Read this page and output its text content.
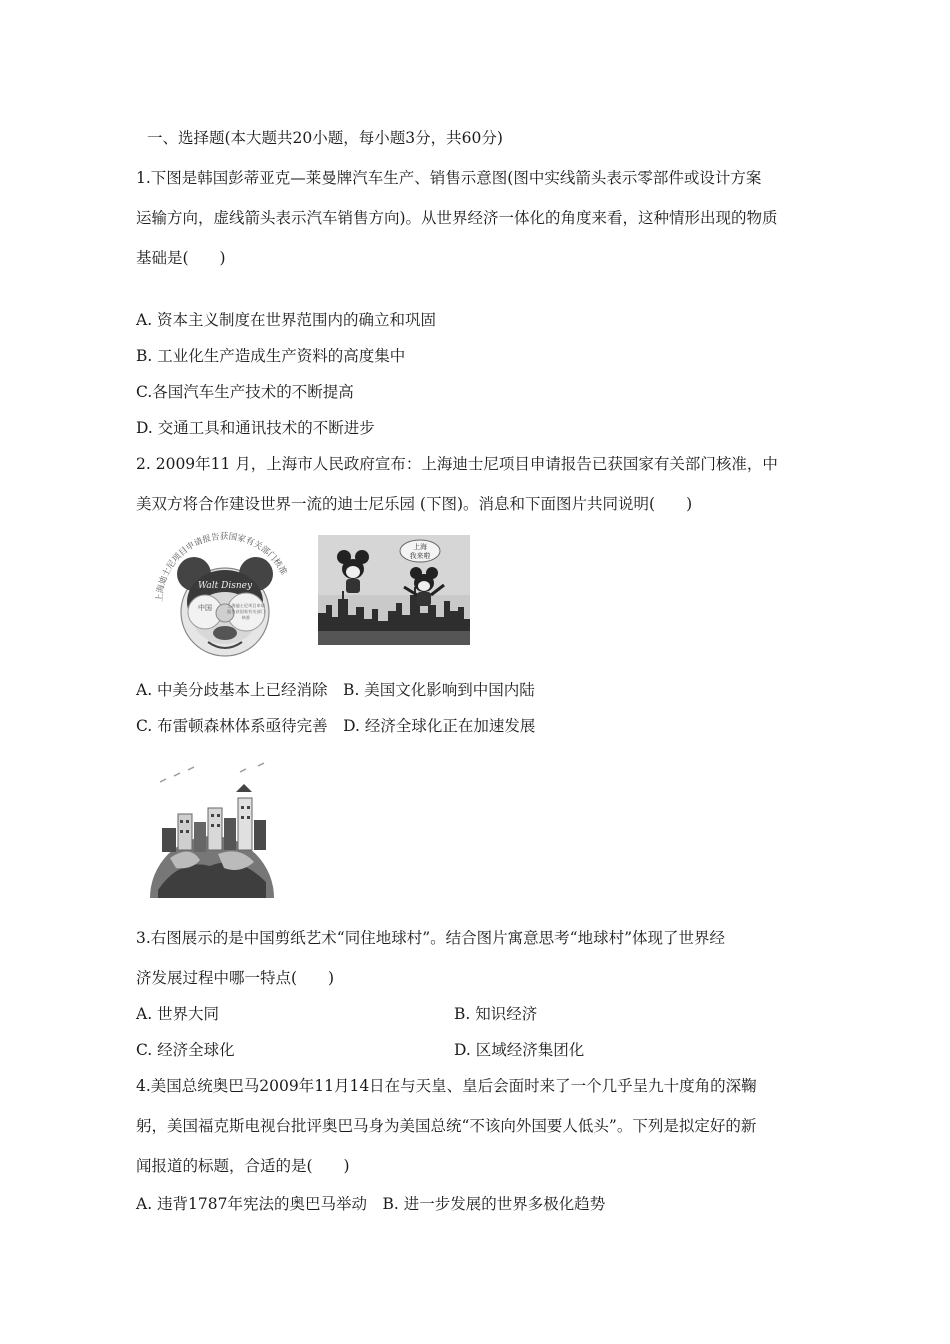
一、选择题(本大题共20小题，每小题3分，共60分)
1.下图是韩国彭蒂亚克—莱曼牌汽车生产、销售示意图(图中实线箭头表示零部件或设计方案
运输方向，虚线箭头表示汽车销售方向)。从世界经济一体化的角度来看，这种情形出现的物质
基础是(　　)
A. 资本主义制度在世界范围内的确立和巩固
B. 工业化生产造成生产资料的高度集中
C.各国汽车生产技术的不断提高
D. 交通工具和通讯技术的不断进步
2. 2009年11 月，上海市人民政府宣布：上海迪士尼项目申请报告已获国家有关部门核准，中
美双方将合作建设世界一流的迪士尼乐园 (下图)。消息和下面图片共同说明(　　)
上海迪士尼项目申请报告获国家有关部门核准
Walt Disney
中国	上海迪士尼项目申请
报告获国家有关部门
核准
上海
我来啦
A. 中美分歧基本上已经消除　B. 美国文化影响到中国内陆
C. 布雷顿森林体系亟待完善　D. 经济全球化正在加速发展
3.右图展示的是中国剪纸艺术“同住地球村”。结合图片寓意思考“地球村”体现了世界经
济发展过程中哪一特点(　　)
A. 世界大同	B. 知识经济
C. 经济全球化	D. 区域经济集团化
4.美国总统奥巴马2009年11月14日在与天皇、皇后会面时来了一个几乎呈九十度角的深鞠
躬，美国福克斯电视台批评奥巴马身为美国总统“不该向外国要人低头”。下列是拟定好的新
闻报道的标题，合适的是(　　)
A. 违背1787年宪法的奥巴马举动　B. 进一步发展的世界多极化趋势
